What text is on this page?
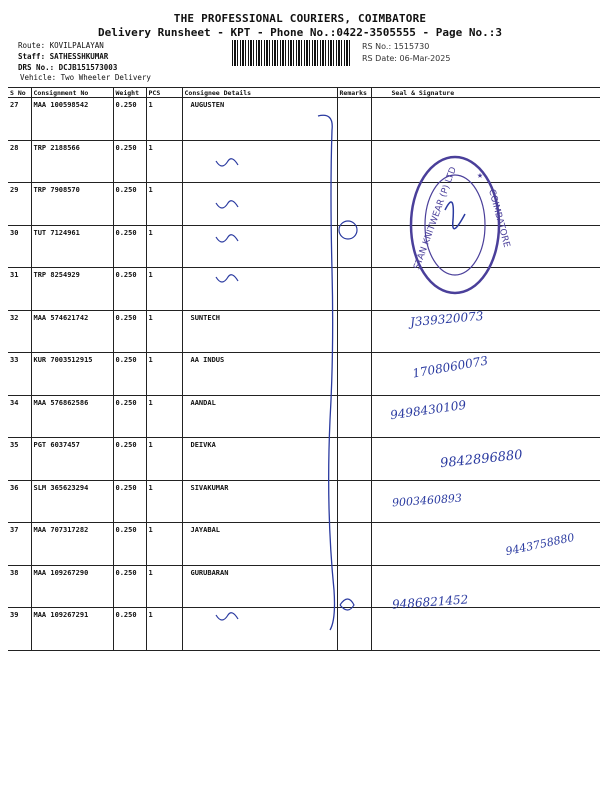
THE PROFESSIONAL COURIERS, COIMBATORE
Delivery Runsheet - KPT - Phone No.:0422-3505555 - Page No.:3
Route: KOVILPALAYAN
Staff: SATHESSHKUMAR
DRS No.: DCJB151573003
Vehicle: Two Wheeler Delivery
RS No.: 1515730
RS Date: 06-Mar-2025
S No	Consignment No	Weight	PCS	Consignee Details	Remarks	Seal & Signature
27	MAA 100598542	0.250	1	AUGUSTEN		
28	TRP 2188566	0.250	1			
29	TRP 7908570	0.250	1			
30	TUT 7124961	0.250	1			
31	TRP 8254929	0.250	1			
32	MAA 574621742	0.250	1	SUNTECH		
33	KUR 7003512915	0.250	1	AA INDUS		
34	MAA 576862586	0.250	1	AANDAL		
35	PGT 6037457	0.250	1	DEIVKA		
36	SLM 365623294	0.250	1	SIVAKUMAR		
37	MAA 707317282	0.250	1	JAYABAL		
38	MAA 109267290	0.250	1	GURUBARAN		
39	MAA 109267291	0.250	1			
STAN KNITWEAR (P) LTD	COIMBATORE
★
J339320073
1708060073
9498430109
9842896880
9003460893
9443758880
9486821452
